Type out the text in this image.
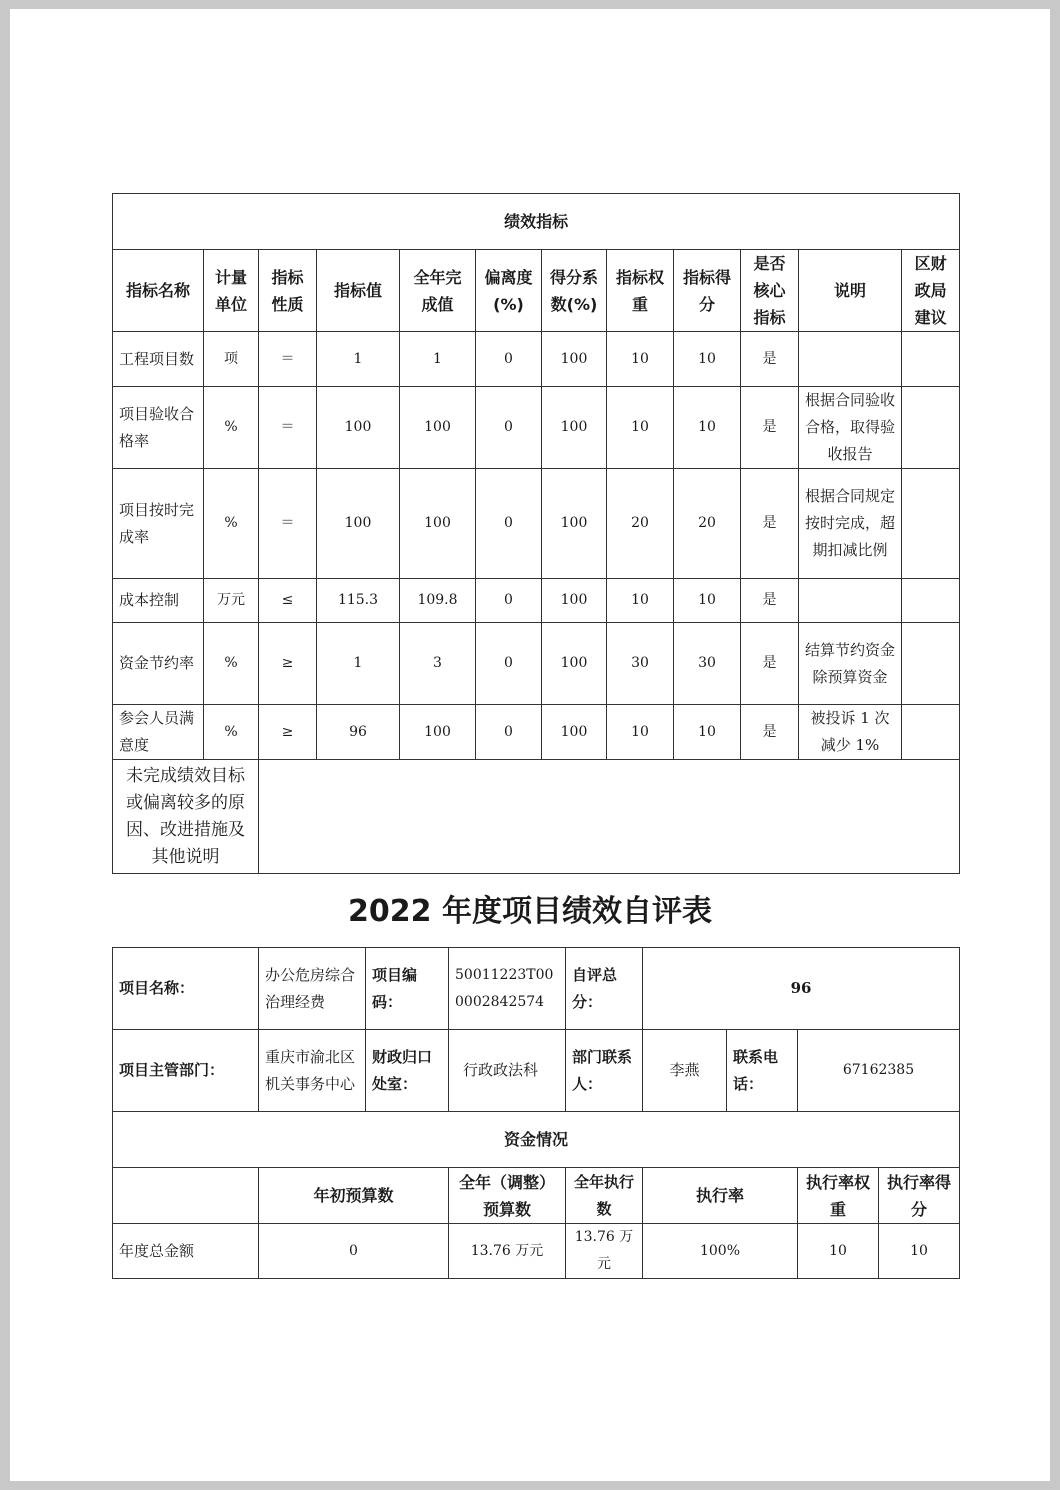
绩效指标											
指标名称	计量单位	指标性质	指标值	全年完成值	偏离度(%)	得分系数(%)	指标权重	指标得分	是否核心指标	说明	区财政局建议
工程项目数	项	＝	1	1	0	100	10	10	是		
项目验收合格率	%	＝	100	100	0	100	10	10	是	根据合同验收合格，取得验收报告	
项目按时完成率	%	＝	100	100	0	100	20	20	是	根据合同规定按时完成，超期扣减比例	
成本控制	万元	≤	115.3	109.8	0	100	10	10	是		
资金节约率	%	≥	1	3	0	100	30	30	是	结算节约资金除预算资金	
参会人员满意度	%	≥	96	100	0	100	10	10	是	被投诉 1 次减少 1%	
未完成绩效目标或偏离较多的原因、改进措施及其他说明											
2022 年度项目绩效自评表
项目名称：	办公危房综合治理经费	项目编码：	50011223T000002842574	自评总分：	96			
项目主管部门：	重庆市渝北区机关事务中心	财政归口处室：	行政政法科	部门联系人：	李燕	联系电话：	67162385	
资金情况								
	年初预算数		全年（调整）预算数	全年执行数	执行率		执行率权重	执行率得分
年度总金额	0		13.76 万元	13.76 万元	100%		10	10
